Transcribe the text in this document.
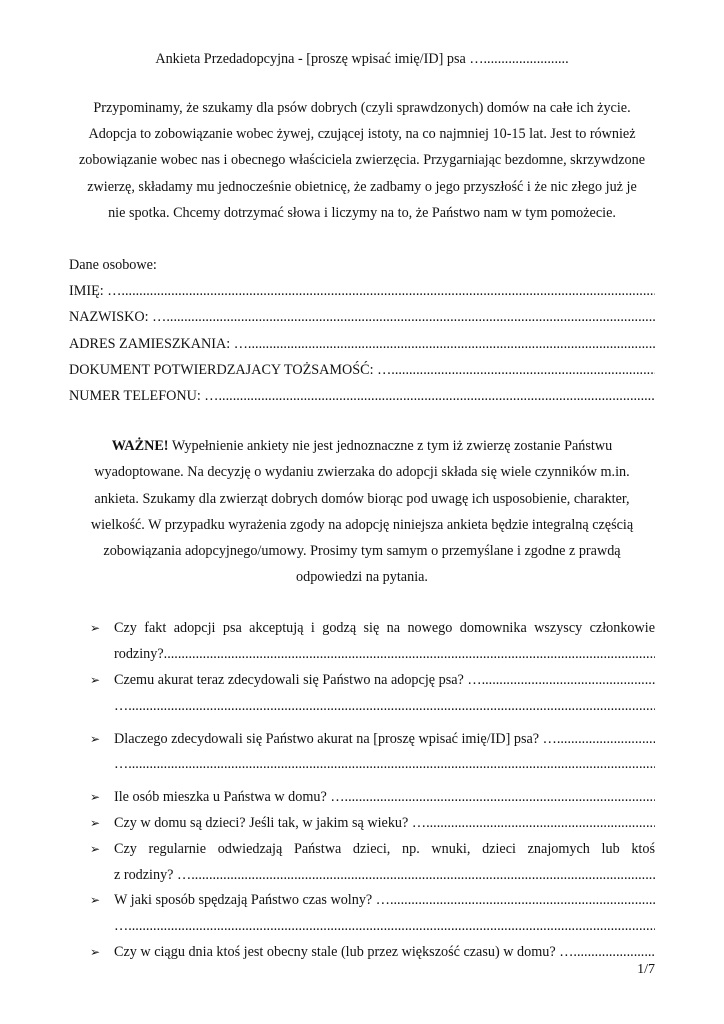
Ankieta Przedadopcyjna - [proszę wpisać imię/ID] psa …........................

Przypominamy, że szukamy dla psów dobrych (czyli sprawdzonych) domów na całe ich życie.
Adopcja to zobowiązanie wobec żywej, czującej istoty, na co najmniej 10-15 lat. Jest to również
zobowiązanie wobec nas i obecnego właściciela zwierzęcia. Przygarniając bezdomne, skrzywdzone
zwierzę, składamy mu jednocześnie obietnicę, że zadbamy o jego przyszłość i że nic złego już je
nie spotka. Chcemy dotrzymać słowa i liczymy na to, że Państwo nam w tym pomożecie.
Dane osobowe:
IMIĘ: …
.....
NAZWISKO: …
.....
ADRES ZAMIESZKANIA: …
.....
DOKUMENT POTWIERDZAJACY TOŻSAMOŚĆ: …
.....
NUMER TELEFONU: …
.....
WAŻNE! Wypełnienie ankiety nie jest jednoznaczne z tym iż zwierzę zostanie Państwu
wyadoptowane. Na decyzję o wydaniu zwierzaka do adopcji składa się wiele czynników m.in.
ankieta. Szukamy dla zwierząt dobrych domów biorąc pod uwagę ich usposobienie, charakter,
wielkość. W przypadku wyrażenia zgody na adopcję niniejsza ankieta będzie integralną częścią
zobowiązania adopcyjnego/umowy. Prosimy tym samym o przemyślane i zgodne z prawdą
odpowiedzi na pytania.
➢ Czy fakt adopcji psa akceptują i godzą się na nowego domownika wszyscy członkowie
rodziny?
.....
➢ Czemu akurat teraz zdecydowali się Państwo na adopcję psa? …
.....
…
.....
➢ Dlaczego zdecydowali się Państwo akurat na [proszę wpisać imię/ID] psa? …
.....
…
.....
➢ Ile osób mieszka u Państwa w domu? …
.....
➢ Czy w domu są dzieci? Jeśli tak, w jakim są wieku? …
.....
➢ Czy regularnie odwiedzają Państwa dzieci, np. wnuki, dzieci znajomych lub ktoś
z rodziny? …
.....
➢ W jaki sposób spędzają Państwo czas wolny? …
.....
…
.....
➢ Czy w ciągu dnia ktoś jest obecny stale (lub przez większość czasu) w domu? …
.....
1/7
